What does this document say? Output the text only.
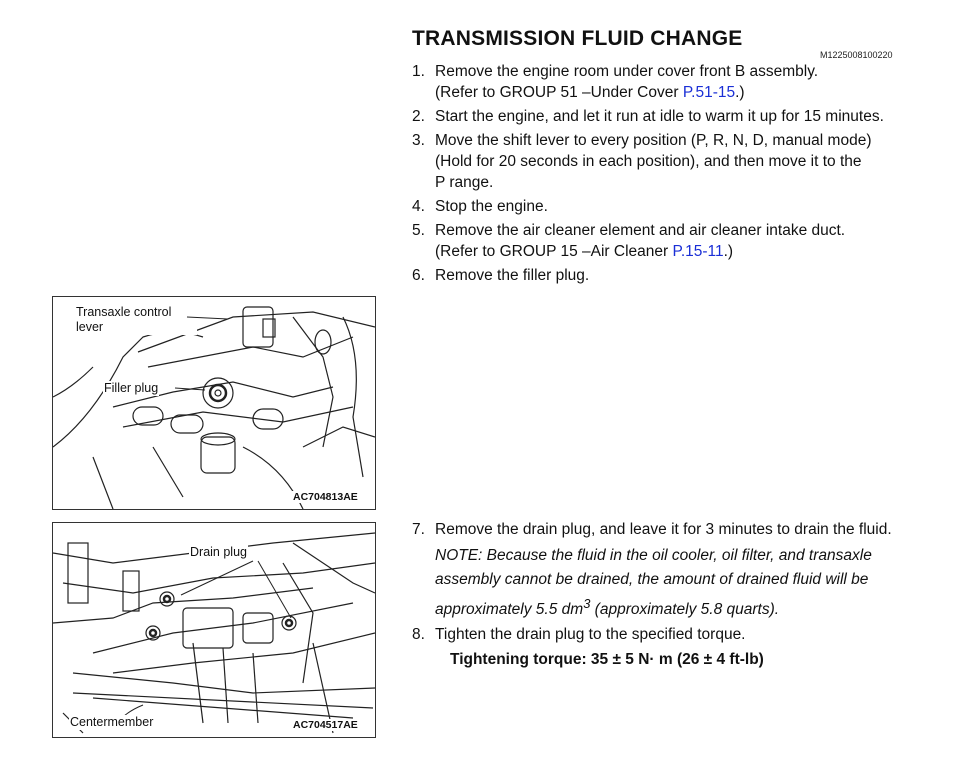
TRANSMISSION FLUID CHANGE
M1225008100220
1. Remove the engine room under cover front B assembly.
(Refer to GROUP 51 –Under Cover P.51-15.)
2. Start the engine, and let it run at idle to warm it up for 15 minutes.
3. Move the shift lever to every position (P, R, N, D, manual mode) (Hold for 20 seconds in each position), and then move it to the P range.
4. Stop the engine.
5. Remove the air cleaner element and air cleaner intake duct.
(Refer to GROUP 15 –Air Cleaner P.15-11.)
6. Remove the filler plug.
7. Remove the drain plug, and leave it for 3 minutes to drain the fluid.
NOTE: Because the fluid in the oil cooler, oil filter, and transaxle assembly cannot be drained, the amount of drained fluid will be approximately 5.5 $dm^3$ (approximately 5.8 quarts).
8. Tighten the drain plug to the specified torque.
Tightening torque: 35 ± 5 N· m (26 ± 4 ft-lb)
Transaxle control lever
Filler plug
AC704813AE
Drain plug
Centermember	AC704517AE
